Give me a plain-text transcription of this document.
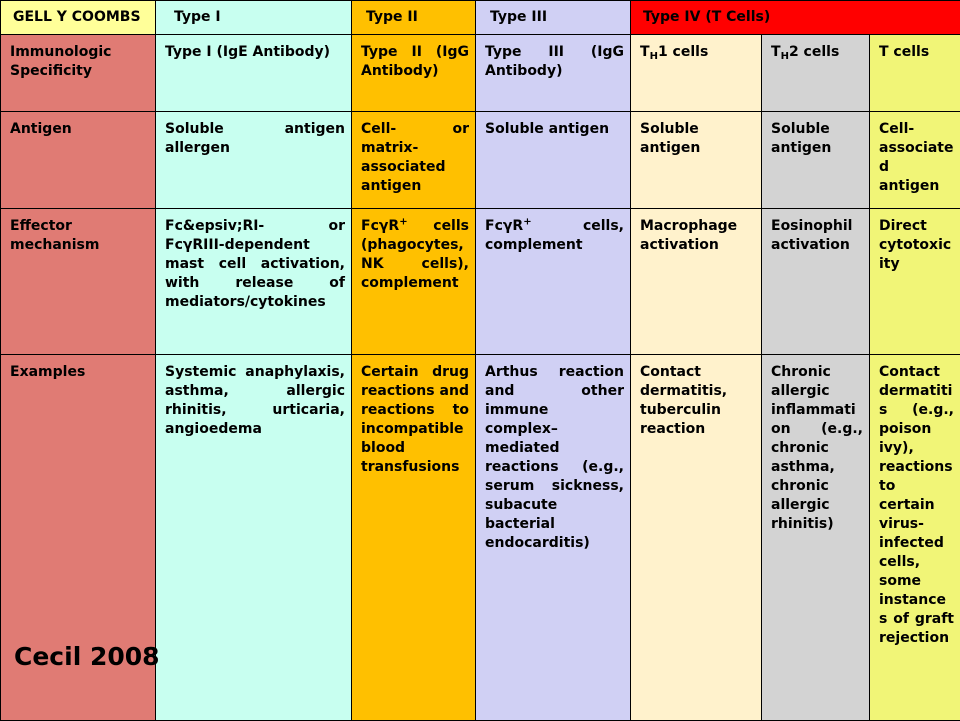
GELL Y COOMBS	Type I	Type II	Type III	Type IV (T Cells)		
Immunologic Specificity	Type I (IgE Antibody)	Type II (IgG Antibody)	Type III (IgG Antibody)	$T_H1$ cells	$T_H2$ cells	T cells
Antigen	Soluble antigen allergen	Cell- or matrix-associated antigen	Soluble antigen	Soluble antigen	Soluble antigen	Cell-associated antigen
Effector mechanism	Fc&epsiv;RI- or FcγRIII-dependent mast cell activation, with release of mediators/cytokines	FcγR+ cells (phagocytes, NK cells), complement	FcγR+ cells, complement	Macrophage activation	Eosinophil activation	Direct cytotoxicity
Examples	Systemic anaphylaxis, asthma, allergic rhinitis, urticaria, angioedema	Certain drug reactions and reactions to incompatible blood transfusions	Arthus reaction and other immune complex–mediated reactions (e.g., serum sickness, subacute bacterial endocarditis)	Contact dermatitis, tuberculin reaction	Chronic allergic inflammation (e.g., chronic asthma, chronic allergic rhinitis)	Contact dermatitis (e.g., poison ivy), reactions to certain virus-infected cells, some instances of graft rejection
Cecil 2008
